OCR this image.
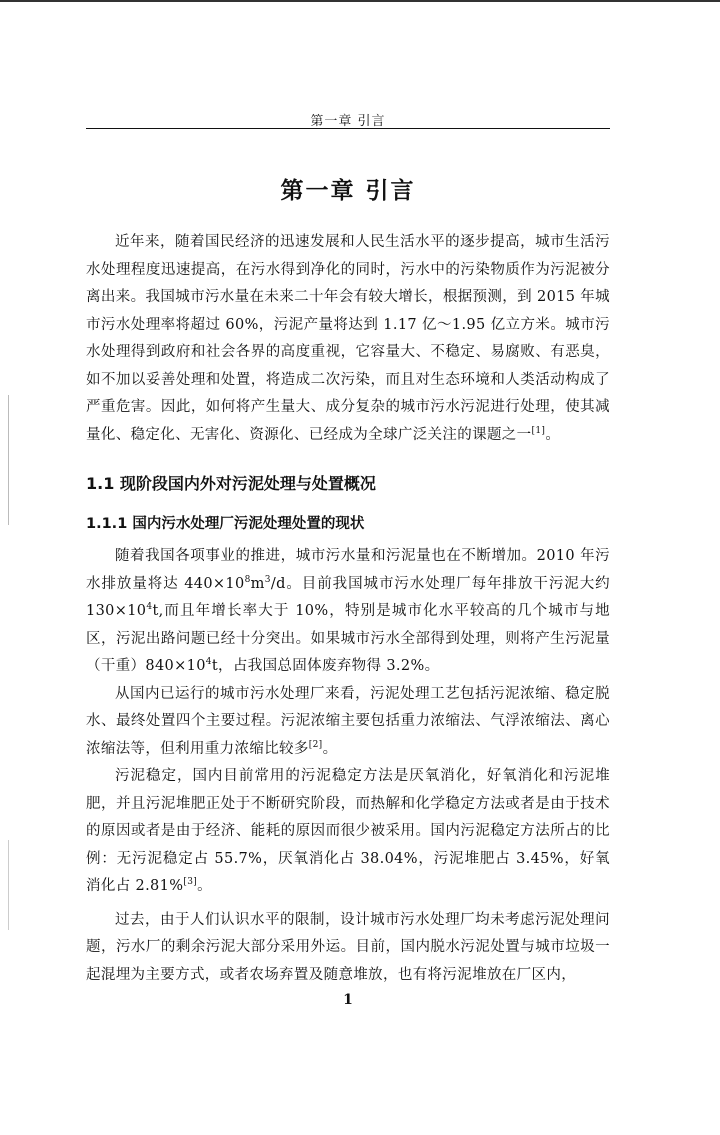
第一章 引言
第一章 引言

近年来，随着国民经济的迅速发展和人民生活水平的逐步提高，城市生活污水处理程度迅速提高，在污水得到净化的同时，污水中的污染物质作为污泥被分离出来。我国城市污水量在未来二十年会有较大增长，根据预测，到 2015 年城市污水处理率将超过 60%，污泥产量将达到 1.17 亿～1.95 亿立方米。城市污水处理得到政府和社会各界的高度重视，它容量大、不稳定、易腐败、有恶臭，如不加以妥善处理和处置，将造成二次污染，而且对生态环境和人类活动构成了严重危害。因此，如何将产生量大、成分复杂的城市污水污泥进行处理，使其减量化、稳定化、无害化、资源化、已经成为全球广泛关注的课题之一[1]。

1.1 现阶段国内外对污泥处理与处置概况
1.1.1 国内污水处理厂污泥处理处置的现状

随着我国各项事业的推进，城市污水量和污泥量也在不断增加。2010 年污水排放量将达 $440\times 10^8m^3/d$。目前我国城市污水处理厂每年排放干污泥大约 $130\times 10^4t$,而且年增长率大于 10%，特别是城市化水平较高的几个城市与地区，污泥出路问题已经十分突出。如果城市污水全部得到处理，则将产生污泥量（干重）$840\times 10^4t$，占我国总固体废弃物得 3.2%。

从国内已运行的城市污水处理厂来看，污泥处理工艺包括污泥浓缩、稳定脱水、最终处置四个主要过程。污泥浓缩主要包括重力浓缩法、气浮浓缩法、离心浓缩法等，但利用重力浓缩比较多[2]。

污泥稳定，国内目前常用的污泥稳定方法是厌氧消化，好氧消化和污泥堆肥，并且污泥堆肥正处于不断研究阶段，而热解和化学稳定方法或者是由于技术的原因或者是由于经济、能耗的原因而很少被采用。国内污泥稳定方法所占的比例：无污泥稳定占 55.7%，厌氧消化占 38.04%，污泥堆肥占 3.45%，好氧消化占 2.81%[3]。

过去，由于人们认识水平的限制，设计城市污水处理厂均未考虑污泥处理问题，污水厂的剩余污泥大部分采用外运。目前，国内脱水污泥处置与城市垃圾一起混埋为主要方式，或者农场弃置及随意堆放，也有将污泥堆放在厂区内，

1
